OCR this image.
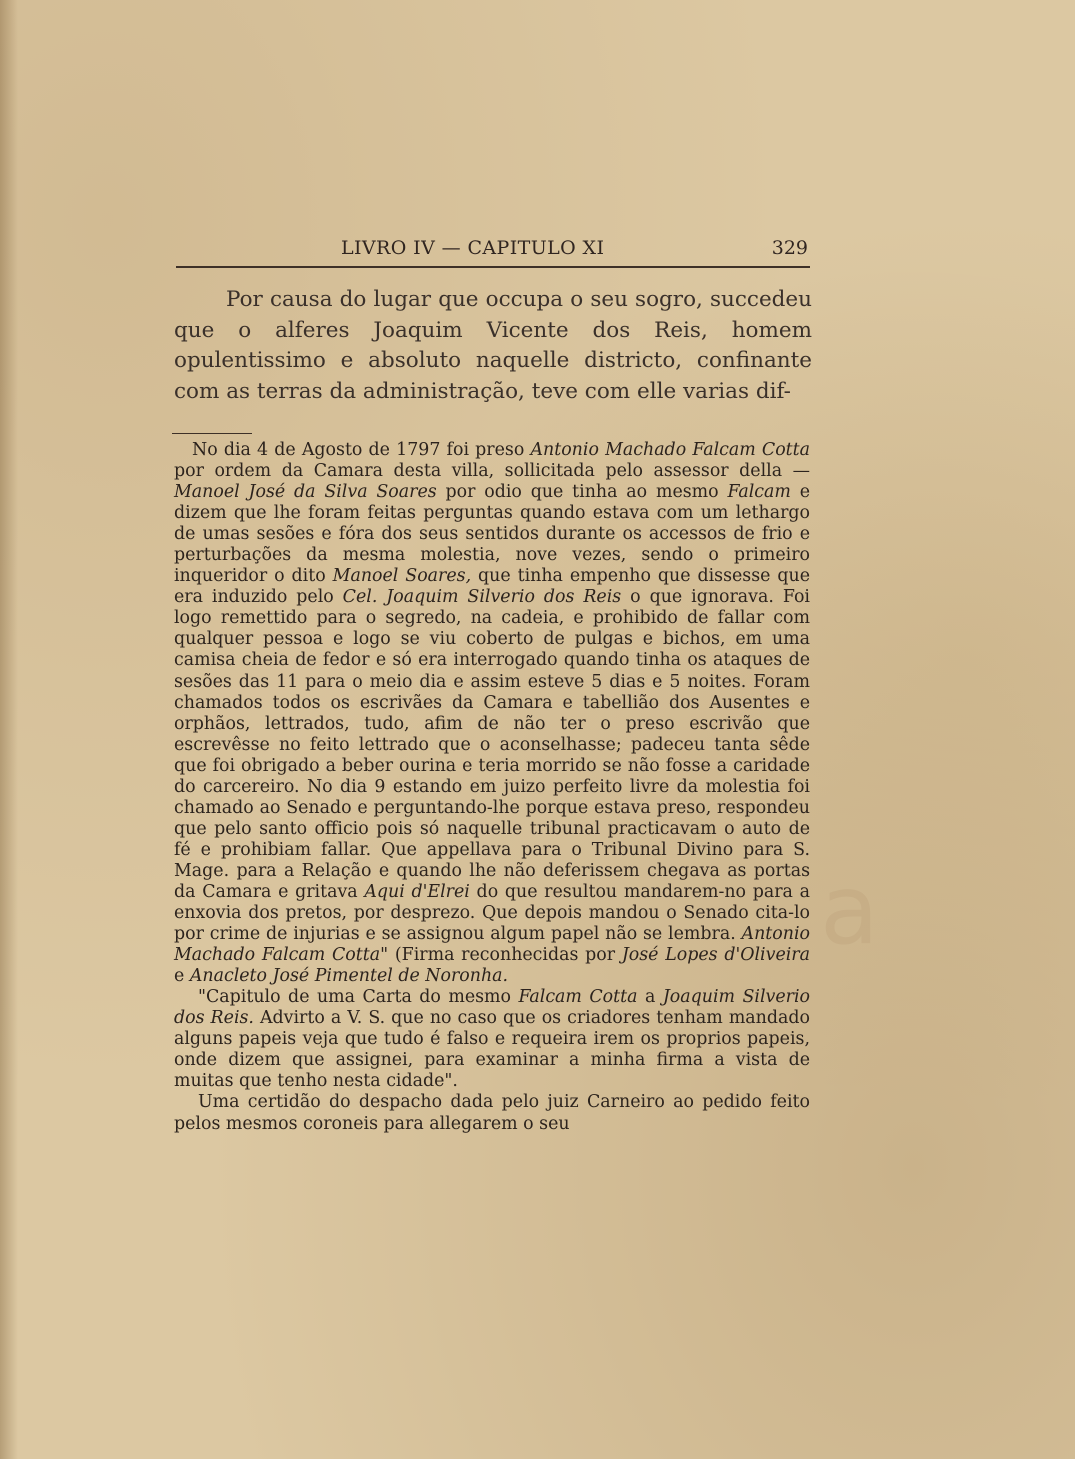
LIVRO IV — CAPITULO XI	329

Por causa do lugar que occupa o seu sogro, succedeu que o alferes Joaquim Vicente dos Reis, homem opulentissimo e absoluto naquelle districto, confinante com as terras da administração, teve com elle varias dif-

No dia 4 de Agosto de 1797 foi preso Antonio Machado Falcam Cotta por ordem da Camara desta villa, sollicitada pelo assessor della — Manoel José da Silva Soares por odio que tinha ao mesmo Falcam e dizem que lhe foram feitas perguntas quando estava com um lethargo de umas sesões e fóra dos seus sentidos durante os accessos de frio e perturbações da mesma molestia, nove vezes, sendo o primeiro inqueridor o dito Manoel Soares, que tinha empenho que dissesse que era induzido pelo Cel. Joaquim Silverio dos Reis o que ignorava. Foi logo remettido para o segredo, na cadeia, e prohibido de fallar com qualquer pessoa e logo se viu coberto de pulgas e bichos, em uma camisa cheia de fedor e só era interrogado quando tinha os ataques de sesões das 11 para o meio dia e assim esteve 5 dias e 5 noites. Foram chamados todos os escrivães da Camara e tabellião dos Ausentes e orphãos, lettrados, tudo, afim de não ter o preso escrivão que escrevêsse no feito lettrado que o aconselhasse; padeceu tanta sêde que foi obrigado a beber ourina e teria morrido se não fosse a caridade do carcereiro. No dia 9 estando em juizo perfeito livre da molestia foi chamado ao Senado e perguntando-lhe porque estava preso, respondeu que pelo santo officio pois só naquelle tribunal practicavam o auto de fé e prohibiam fallar. Que appellava para o Tribunal Divino para S. Mage. para a Relação e quando lhe não deferissem chegava as portas da Camara e gritava Aqui d'Elrei do que resultou mandarem-no para a enxovia dos pretos, por desprezo. Que depois mandou o Senado cita-lo por crime de injurias e se assignou algum papel não se lembra. Antonio Machado Falcam Cotta" (Firma reconhecidas por José Lopes d'Oliveira e Anacleto José Pimentel de Noronha.

"Capitulo de uma Carta do mesmo Falcam Cotta a Joaquim Silverio dos Reis. Advirto a V. S. que no caso que os criadores tenham mandado alguns papeis veja que tudo é falso e requeira irem os proprios papeis, onde dizem que assignei, para examinar a minha firma a vista de muitas que tenho nesta cidade".

Uma certidão do despacho dada pelo juiz Carneiro ao pedido feito pelos mesmos coroneis para allegarem o seu

a
